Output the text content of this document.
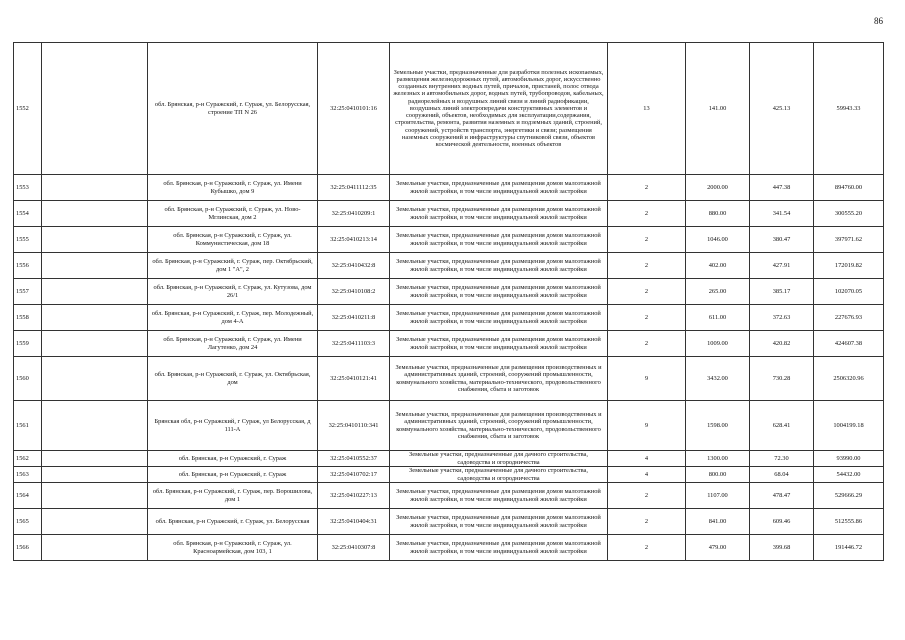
86
1552		обл. Брянская, р-н Суражский, г. Сураж, ул. Белорусская, строение ТП N 26	32:25:0410101:16	Земельные участки, предназначенные для разработки полезных ископаемых, размещения железнодорожных путей, автомобильных дорог, искусственно созданных внутренних водных путей, причалов, пристаней, полос отвода железных и автомобильных дорог, водных путей, трубопроводов, кабельных, радиорелейных и воздушных линий связи и линий радиофикации, воздушных линий электропередачи конструктивных элементов и сооружений, объектов, необходимых для эксплуатации,содержания, строительства, ремонта, развития наземных и подземных зданий, строений, сооружений, устройств транспорта, энергетики и связи; размещения наземных сооружений и инфраструктуры спутниковой связи, объектов космической деятельности, военных объектов	13	141.00	425.13	59943.33
1553		обл. Брянская, р-н Суражский, г. Сураж, ул. Имени Кубышко, дом 9	32:25:0411112:35	Земельные участки, предназначенные для размещения домов малоэтажной жилой застройки, в том числе индивидуальной жилой застройки	2	2000.00	447.38	894760.00
1554		обл. Брянская, р-н Суражский, г. Сураж, ул. Ново-Мглинская, дом 2	32:25:0410209:1	Земельные участки, предназначенные для размещения домов малоэтажной жилой застройки, в том числе индивидуальной жилой застройки	2	880.00	341.54	300555.20
1555		обл. Брянская, р-н Суражский, г. Сураж, ул. Коммунистическая, дом 18	32:25:0410213:14	Земельные участки, предназначенные для размещения домов малоэтажной жилой застройки, в том числе индивидуальной жилой застройки	2	1046.00	380.47	397971.62
1556		обл. Брянская, р-н Суражский, г. Сураж, пер. Октябрьский, дом 1 "А", 2	32:25:0410432:8	Земельные участки, предназначенные для размещения домов малоэтажной жилой застройки, в том числе индивидуальной жилой застройки	2	402.00	427.91	172019.82
1557		обл. Брянская, р-н Суражский, г. Сураж, ул. Кутузова, дом 26/1	32:25:0410108:2	Земельные участки, предназначенные для размещения домов малоэтажной жилой застройки, в том числе индивидуальной жилой застройки	2	265.00	385.17	102070.05
1558		обл. Брянская, р-н Суражский, г. Сураж, пер. Молодежный, дом 4-А	32:25:0410211:8	Земельные участки, предназначенные для размещения домов малоэтажной жилой застройки, в том числе индивидуальной жилой застройки	2	611.00	372.63	227676.93
1559		обл. Брянская, р-н Суражский, г. Сураж, ул. Имени Лагутенко, дом 24	32:25:0411103:3	Земельные участки, предназначенные для размещения домов малоэтажной жилой застройки, в том числе индивидуальной жилой застройки	2	1009.00	420.82	424607.38
1560		обл. Брянская, р-н Суражский, г. Сураж, ул. Октябрьская, дом	32:25:0410121:41	Земельные участки, предназначенные для размещения производственных и административных зданий, строений, сооружений промышленности, коммунального хозяйства, материально-технического, продовольственного снабжения, сбыта и заготовок	9	3432.00	730.28	2506320.96
1561		Брянская обл, р-н Суражский, г Сураж, ул Белорусская, д 111-А	32:25:0410110:341	Земельные участки, предназначенные для размещения производственных и административных зданий, строений, сооружений промышленности, коммунального хозяйства, материально-технического, продовольственного снабжения, сбыта и заготовок	9	1598.00	628.41	1004199.18
1562		обл. Брянская, р-н Суражский, г. Сураж	32:25:0410552:37	Земельные участки, предназначенные для дачного строительства, садоводства и огородничества	4	1300.00	72.30	93990.00
1563		обл. Брянская, р-н Суражский, г. Сураж	32:25:0410702:17	Земельные участки, предназначенные для дачного строительства, садоводства и огородничества	4	800.00	68.04	54432.00
1564		обл. Брянская, р-н Суражский, г. Сураж, пер. Ворошилова, дом 1	32:25:0410227:13	Земельные участки, предназначенные для размещения домов малоэтажной жилой застройки, в том числе индивидуальной жилой застройки	2	1107.00	478.47	529666.29
1565		обл. Брянская, р-н Суражский, г. Сураж, ул. Белорусская	32:25:0410404:31	Земельные участки, предназначенные для размещения домов малоэтажной жилой застройки, в том числе индивидуальной жилой застройки	2	841.00	609.46	512555.86
1566		обл. Брянская, р-н Суражский, г. Сураж, ул. Красноармейская, дом 103, 1	32:25:0410307:8	Земельные участки, предназначенные для размещения домов малоэтажной жилой застройки, в том числе индивидуальной жилой застройки	2	479.00	399.68	191446.72
